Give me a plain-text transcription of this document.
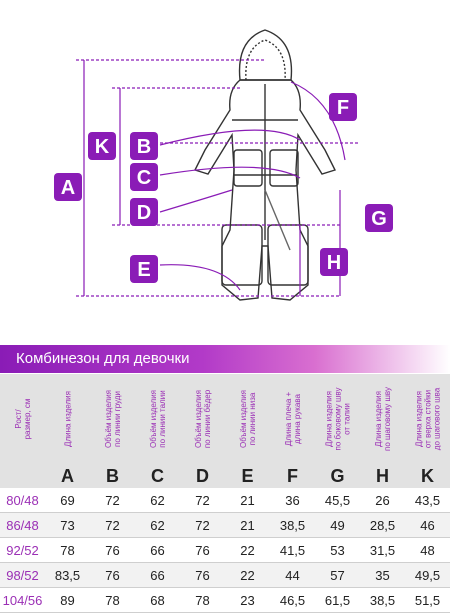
A
K B
C
D
E
F
G
H
Комбинезон для девочки
Рост/
размер, см	Длина изделия	Объём изделия
по линии груди
Объём изделия
по линии талии
Объём изделия
по линии бёдер
Объём изделия
по линии низа
Длина плеча +
длина рукава
Длина изделия
по боковому шву
от талии
Длина изделия
по шаговому шву
Длина изделия
от верха стойки
до шагового шва
A	B	C	D	E	F	G	H	K
80/48	69	72	62	72	21	36	45,5	26	43,5
86/48	73	72	62	72	21	38,5	49	28,5	46
92/52	78	76	66	76	22	41,5	53	31,5	48
98/52	83,5	76	66	76	22	44	57	35	49,5
104/56	89	78	68	78	23	46,5	61,5	38,5	51,5
